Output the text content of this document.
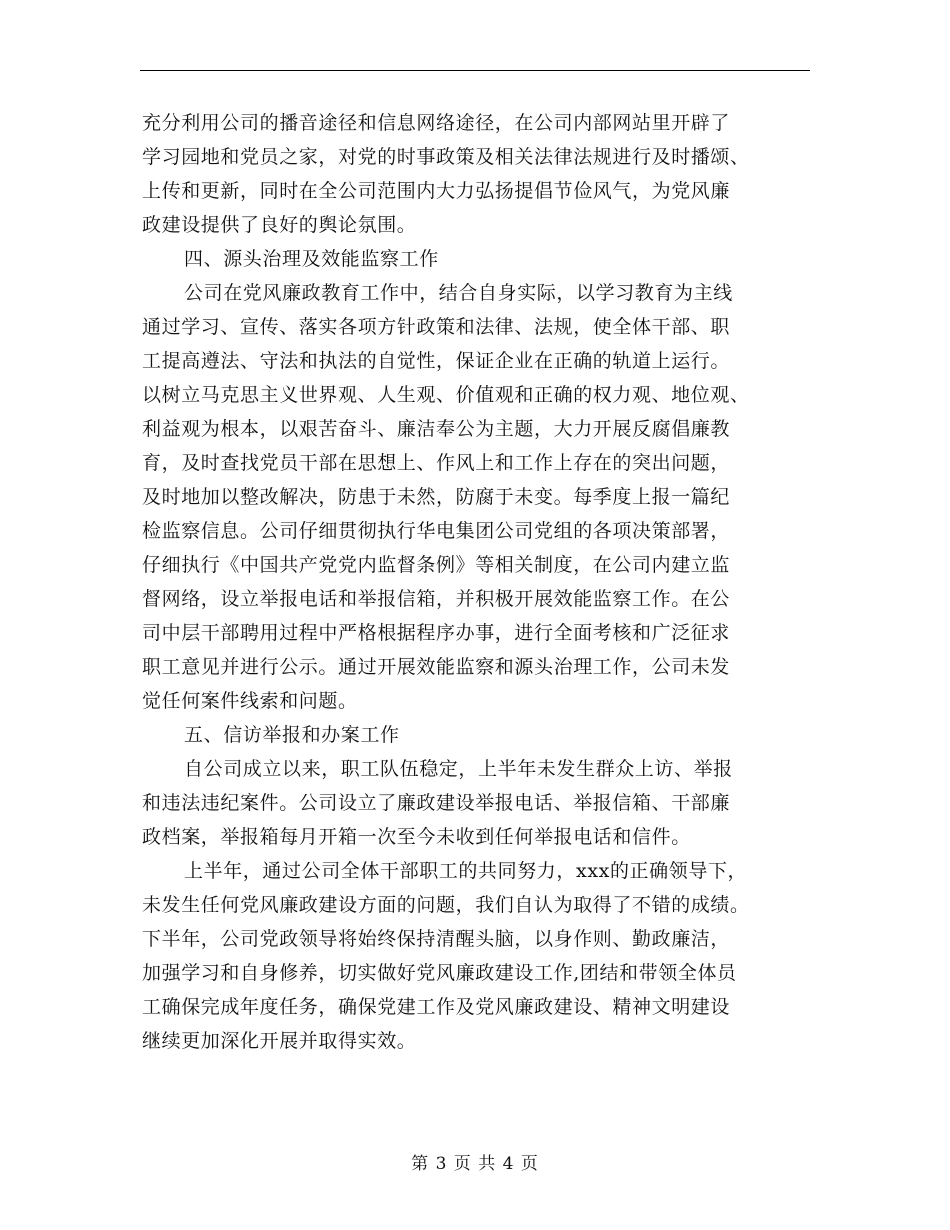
充分利用公司的播音途径和信息网络途径，在公司内部网站里开辟了
学习园地和党员之家，对党的时事政策及相关法律法规进行及时播颂、
上传和更新，同时在全公司范围内大力弘扬提倡节俭风气，为党风廉
政建设提供了良好的舆论氛围。
四、源头治理及效能监察工作
公司在党风廉政教育工作中，结合自身实际，以学习教育为主线
通过学习、宣传、落实各项方针政策和法律、法规，使全体干部、职
工提高遵法、守法和执法的自觉性，保证企业在正确的轨道上运行。
以树立马克思主义世界观、人生观、价值观和正确的权力观、地位观、
利益观为根本，以艰苦奋斗、廉洁奉公为主题，大力开展反腐倡廉教
育，及时查找党员干部在思想上、作风上和工作上存在的突出问题，
及时地加以整改解决，防患于未然，防腐于未变。每季度上报一篇纪
检监察信息。公司仔细贯彻执行华电集团公司党组的各项决策部署，
仔细执行《中国共产党党内监督条例》等相关制度，在公司内建立监
督网络，设立举报电话和举报信箱，并积极开展效能监察工作。在公
司中层干部聘用过程中严格根据程序办事，进行全面考核和广泛征求
职工意见并进行公示。通过开展效能监察和源头治理工作，公司未发
觉任何案件线索和问题。
五、信访举报和办案工作
自公司成立以来，职工队伍稳定，上半年未发生群众上访、举报
和违法违纪案件。公司设立了廉政建设举报电话、举报信箱、干部廉
政档案，举报箱每月开箱一次至今未收到任何举报电话和信件。
上半年，通过公司全体干部职工的共同努力，xxx的正确领导下，
未发生任何党风廉政建设方面的问题，我们自认为取得了不错的成绩。
下半年，公司党政领导将始终保持清醒头脑，以身作则、勤政廉洁，
加强学习和自身修养，切实做好党风廉政建设工作,团结和带领全体员
工确保完成年度任务，确保党建工作及党风廉政建设、精神文明建设
继续更加深化开展并取得实效。
第 3 页 共 4 页
